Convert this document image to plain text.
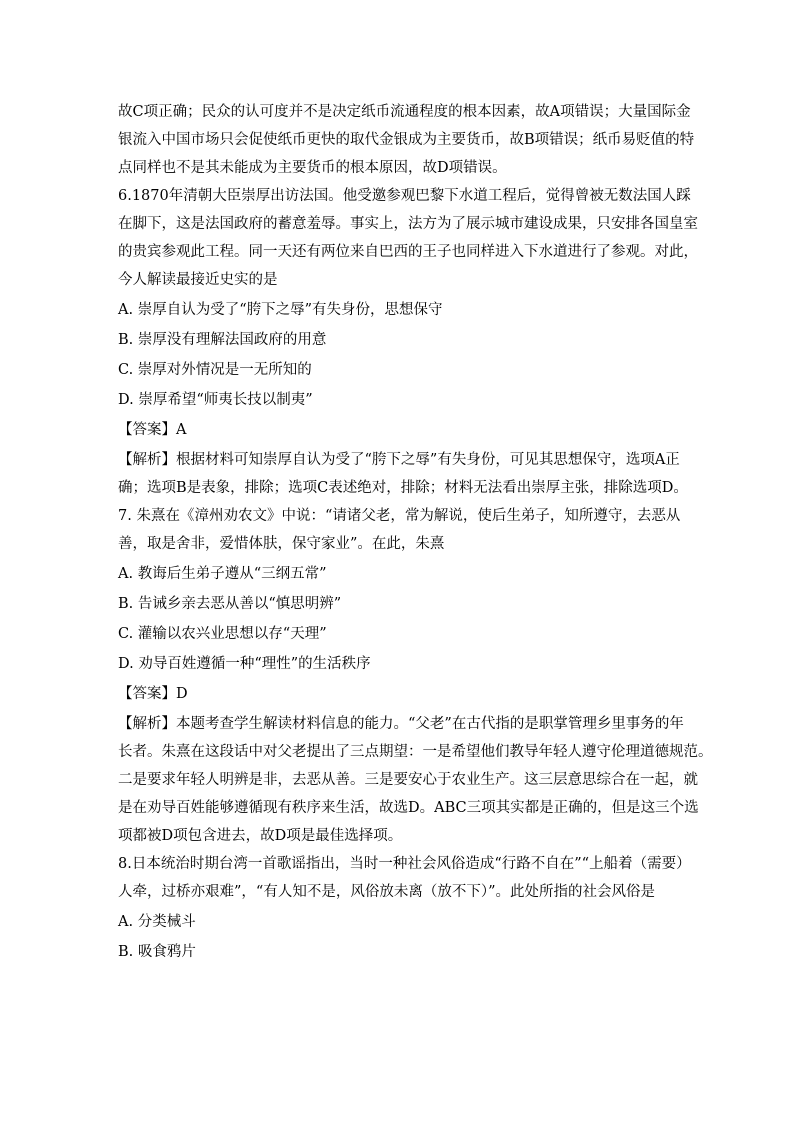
故C项正确；民众的认可度并不是决定纸币流通程度的根本因素，故A项错误；大量国际金
银流入中国市场只会促使纸币更快的取代金银成为主要货币，故B项错误；纸币易贬值的特
点同样也不是其未能成为主要货币的根本原因，故D项错误。
6.1870年清朝大臣崇厚出访法国。他受邀参观巴黎下水道工程后，觉得曾被无数法国人踩
在脚下，这是法国政府的蓄意羞辱。事实上，法方为了展示城市建设成果，只安排各国皇室
的贵宾参观此工程。同一天还有两位来自巴西的王子也同样进入下水道进行了参观。对此，
今人解读最接近史实的是
A. 崇厚自认为受了“胯下之辱”有失身份，思想保守
B. 崇厚没有理解法国政府的用意
C. 崇厚对外情况是一无所知的
D. 崇厚希望“师夷长技以制夷”
【答案】A
【解析】根据材料可知崇厚自认为受了“胯下之辱”有失身份，可见其思想保守，选项A正
确；选项B是表象，排除；选项C表述绝对，排除；材料无法看出崇厚主张，排除选项D。
7. 朱熹在《漳州劝农文》中说：“请诸父老，常为解说，使后生弟子，知所遵守，去恶从
善，取是舍非，爱惜体肤，保守家业”。在此，朱熹
A. 教诲后生弟子遵从“三纲五常”
B. 告诫乡亲去恶从善以“慎思明辨”
C. 灌输以农兴业思想以存“天理”
D. 劝导百姓遵循一种“理性”的生活秩序
【答案】D
【解析】本题考查学生解读材料信息的能力。“父老”在古代指的是职掌管理乡里事务的年
长者。朱熹在这段话中对父老提出了三点期望：一是希望他们教导年轻人遵守伦理道德规范。
二是要求年轻人明辨是非，去恶从善。三是要安心于农业生产。这三层意思综合在一起，就
是在劝导百姓能够遵循现有秩序来生活，故选D。ABC三项其实都是正确的，但是这三个选
项都被D项包含进去，故D项是最佳选择项。
8.日本统治时期台湾一首歌谣指出，当时一种社会风俗造成“行路不自在”“上船着（需要）
人牵，过桥亦艰难”，“有人知不是，风俗放未离（放不下）”。此处所指的社会风俗是
A. 分类械斗
B. 吸食鸦片
